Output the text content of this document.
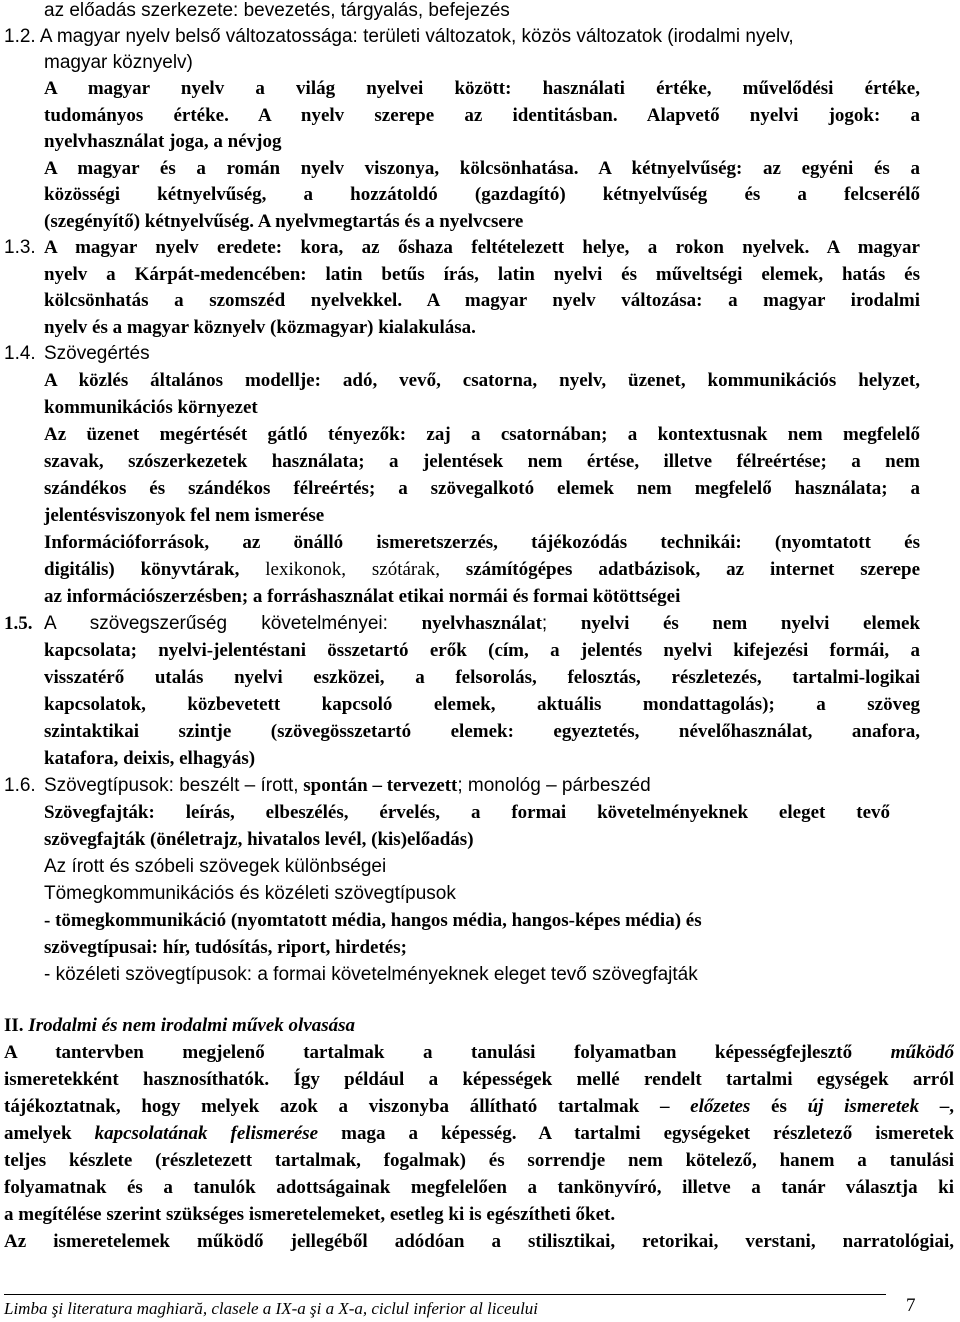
az előadás szerkezete: bevezetés, tárgyalás, befejezés
1.2. A magyar nyelv belső változatossága: területi változatok, közös változatok (irodalmi nyelv,
magyar köznyelv)
A magyar nyelv a világ nyelvei között: használati értéke, művelődési értéke,
tudományos értéke. A nyelv szerepe az identitásban. Alapvető nyelvi jogok: a
nyelvhasználat joga, a névjog
A magyar és a román nyelv viszonya, kölcsönhatása. A kétnyelvűség: az egyéni és a
közösségi kétnyelvűség, a hozzátoldó (gazdagító) kétnyelvűség és a felcserélő
(szegényítő) kétnyelvűség. A nyelvmegtartás és a nyelvcsere
1.3. A magyar nyelv eredete: kora, az őshaza feltételezett helye, a rokon nyelvek. A magyar
nyelv a Kárpát-medencében: latin betűs írás, latin nyelvi és műveltségi elemek, hatás és
kölcsönhatás a szomszéd nyelvekkel. A magyar nyelv változása: a magyar irodalmi
nyelv és a magyar köznyelv (közmagyar) kialakulása.
1.4. Szövegértés
A közlés általános modellje: adó, vevő, csatorna, nyelv, üzenet, kommunikációs helyzet,
kommunikációs környezet
Az üzenet megértését gátló tényezők: zaj a csatornában; a kontextusnak nem megfelelő
szavak, szószerkezetek használata; a jelentések nem értése, illetve félreértése; a nem
szándékos és szándékos félreértés; a szövegalkotó elemek nem megfelelő használata; a
jelentésviszonyok fel nem ismerése
Információforrások, az önálló ismeretszerzés, tájékozódás technikái: (nyomtatott és
digitális) könyvtárak, lexikonok, szótárak, számítógépes adatbázisok, az internet szerepe
az információszerzésben; a forráshasználat etikai normái és formai kötöttségei
1.5. A szövegszerűség követelményei: nyelvhasználat; nyelvi és nem nyelvi elemek
kapcsolata; nyelvi-jelentéstani összetartó erők (cím, a jelentés nyelvi kifejezési formái, a
visszatérő utalás nyelvi eszközei, a felsorolás, felosztás, részletezés, tartalmi-logikai
kapcsolatok, közbevetett kapcsoló elemek, aktuális mondattagolás); a szöveg
szintaktikai szintje (szövegösszetartó elemek: egyeztetés, névelőhasználat, anafora,
katafora, deixis, elhagyás)
1.6. Szövegtípusok: beszélt – írott, spontán – tervezett; monológ – párbeszéd
Szövegfajták: leírás, elbeszélés, érvelés, a formai követelményeknek eleget tevő
szövegfajták (önéletrajz, hivatalos levél, (kis)előadás)
Az írott és szóbeli szövegek különbségei
Tömegkommunikációs és közéleti szövegtípusok
- tömegkommunikáció (nyomtatott média, hangos média, hangos-képes média) és
szövegtípusai: hír, tudósítás, riport, hirdetés;
- közéleti szövegtípusok: a formai követelményeknek eleget tevő szövegfajták
II. Irodalmi és nem irodalmi művek olvasása
A tantervben megjelenő tartalmak a tanulási folyamatban képességfejlesztő működő
ismeretekként hasznosíthatók. Így például a képességek mellé rendelt tartalmi egységek arról
tájékoztatnak, hogy melyek azok a viszonyba állítható tartalmak – előzetes és új ismeretek –,
amelyek kapcsolatának felismerése maga a képesség. A tartalmi egységeket részletező ismeretek
teljes készlete (részletezett tartalmak, fogalmak) és sorrendje nem kötelező, hanem a tanulási
folyamatnak és a tanulók adottságainak megfelelően a tankönyvíró, illetve a tanár választja ki
a megítélése szerint szükséges ismeretelemeket, esetleg ki is egészítheti őket.
Az ismeretelemek működő jellegéből adódóan a stilisztikai, retorikai, verstani, narratológiai,
Limba şi literatura maghiară, clasele a IX-a şi a X-a, ciclul inferior al liceului	7
